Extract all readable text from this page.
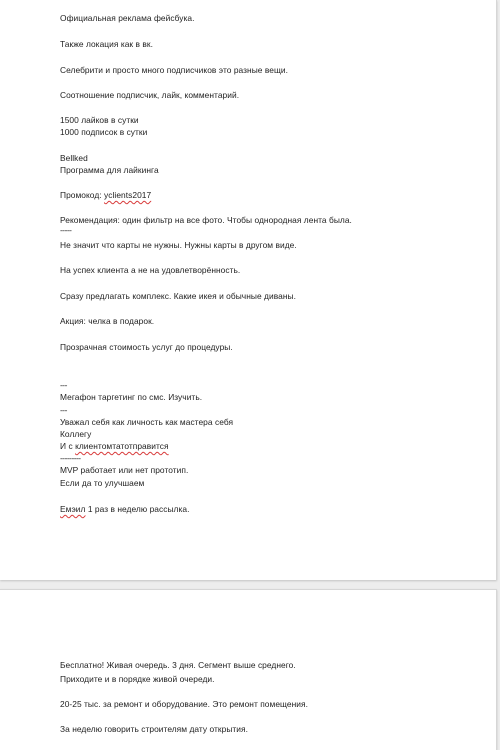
Официальная реклама фейсбука.
Также локация как в вк.
Селебрити и просто много подписчиков это разные вещи.
Соотношение подписчик, лайк, комментарий.
1500 лайков в сутки
1000 подписок в сутки
Bellked
Программа для лайкинга
Промокод: yclients2017
Рекомендация: один фильтр на все фото. Чтобы однородная лента была.
-----
Не значит что карты не нужны. Нужны карты в другом виде.
На успех клиента а не на удовлетворённость.
Сразу предлагать комплекс. Какие икея и обычные диваны.
Акция: челка в подарок.
Прозрачная стоимость услуг до процедуры.
---
Мегафон таргетинг по смс. Изучить.
---
Уважал себя как личность как мастера себя
Коллегу
И с клиентомтатотправится
---------
MVP работает или нет прототип.
Если да то улучшаем
Емэил 1 раз в неделю рассылка.
Бесплатно! Живая очередь. 3 дня. Сегмент выше среднего.
Приходите и в порядке живой очереди.
20-25 тыс. за ремонт и оборудование. Это ремонт помещения.
За неделю говорить строителям дату открытия.
